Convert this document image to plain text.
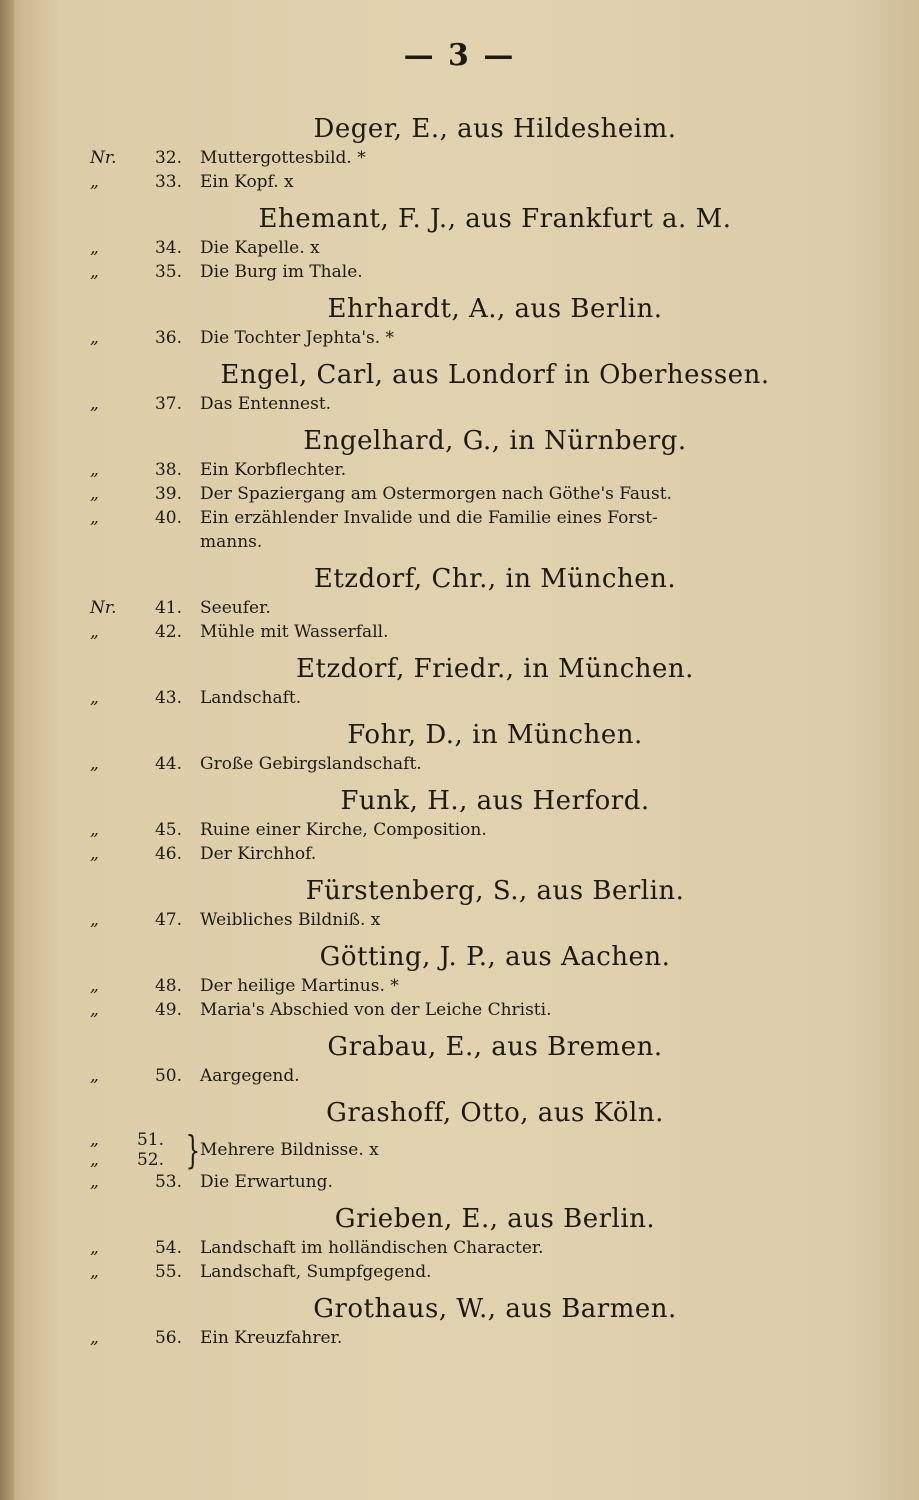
— 3 —
Deger, E., aus Hildesheim.
Nr.	32.	Muttergottesbild. *
„	33.	Ein Kopf. x
Ehemant, F. J., aus Frankfurt a. M.
„	34.	Die Kapelle. x
„	35.	Die Burg im Thale.
Ehrhardt, A., aus Berlin.
„	36.	Die Tochter Jephta's. *
Engel, Carl, aus Londorf in Oberhessen.
„	37.	Das Entennest.
Engelhard, G., in Nürnberg.
„	38.	Ein Korbflechter.
„	39.	Der Spaziergang am Ostermorgen nach Göthe's Faust.
„	40.	Ein erzählender Invalide und die Familie eines Forst-
manns.
Etzdorf, Chr., in München.
Nr.	41.	Seeufer.
„	42.	Mühle mit Wasserfall.
Etzdorf, Friedr., in München.
„	43.	Landschaft.
Fohr, D., in München.
„	44.	Große Gebirgslandschaft.
Funk, H., aus Herford.
„	45.	Ruine einer Kirche, Composition.
„	46.	Der Kirchhof.
Fürstenberg, S., aus Berlin.
„	47.	Weibliches Bildniß. x
Götting, J. P., aus Aachen.
„	48.	Der heilige Martinus. *
„	49.	Maria's Abschied von der Leiche Christi.
Grabau, E., aus Bremen.
„	50.	Aargegend.
Grashoff, Otto, aus Köln.
„	51.
„	52. } Mehrere Bildnisse. x
„	53.	Die Erwartung.
Grieben, E., aus Berlin.
„	54.	Landschaft im holländischen Character.
„	55.	Landschaft, Sumpfgegend.
Grothaus, W., aus Barmen.
„	56.	Ein Kreuzfahrer.
